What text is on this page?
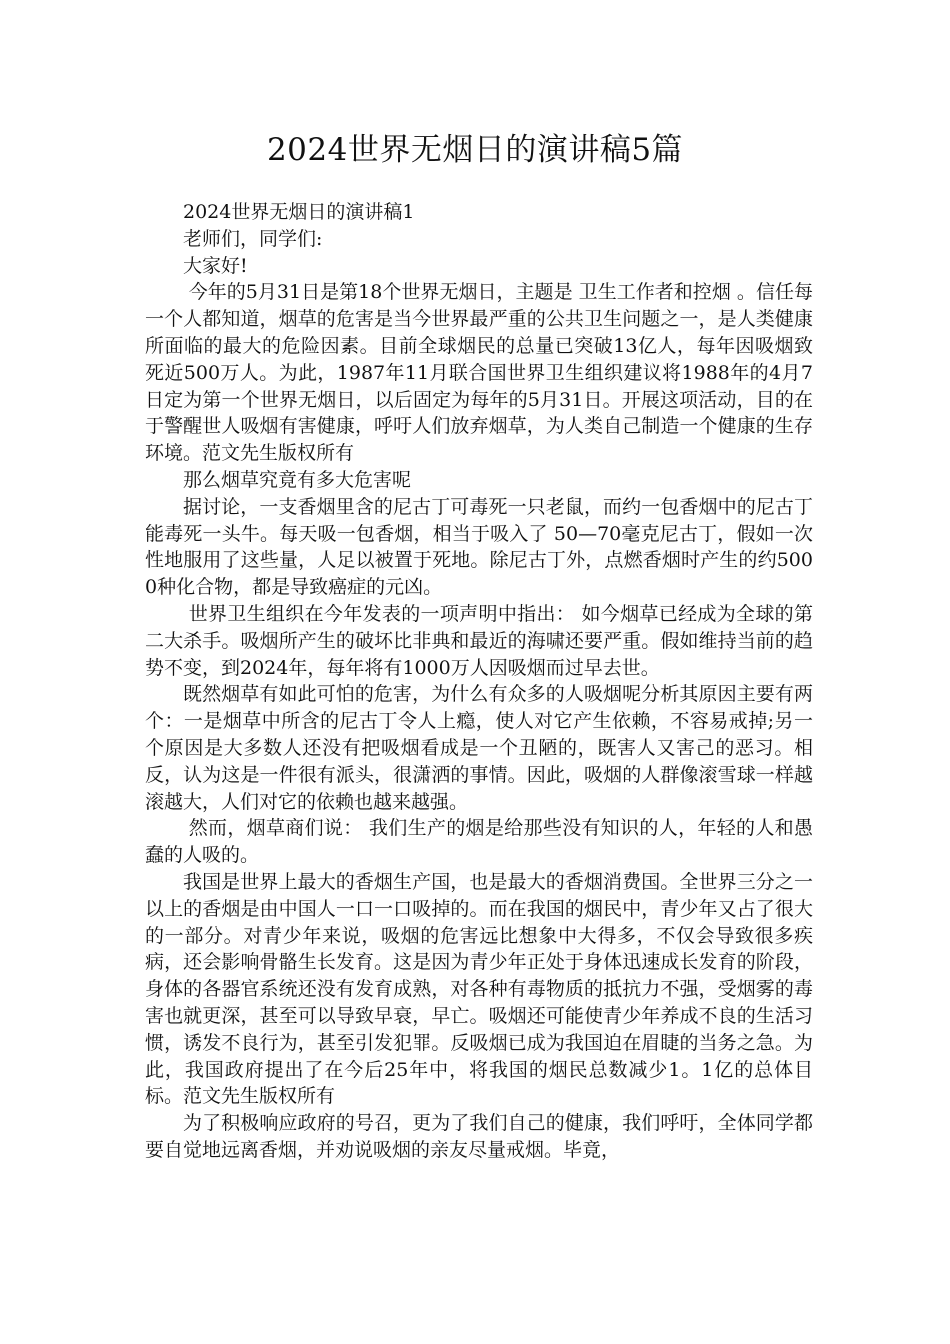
2024世界无烟日的演讲稿5篇

2024世界无烟日的演讲稿1

老师们，同学们:

大家好!

今年的5月31日是第18个世界无烟日，主题是 卫生工作者和控烟 。信任每一个人都知道，烟草的危害是当今世界最严重的公共卫生问题之一，是人类健康所面临的最大的危险因素。目前全球烟民的总量已突破13亿人，每年因吸烟致死近500万人。为此，1987年11月联合国世界卫生组织建议将1988年的4月7日定为第一个世界无烟日，以后固定为每年的5月31日。开展这项活动，目的在于警醒世人吸烟有害健康，呼吁人们放弃烟草，为人类自己制造一个健康的生存环境。范文先生版权所有

那么烟草究竟有多大危害呢

据讨论，一支香烟里含的尼古丁可毒死一只老鼠，而约一包香烟中的尼古丁能毒死一头牛。每天吸一包香烟，相当于吸入了 50—70毫克尼古丁，假如一次性地服用了这些量，人足以被置于死地。除尼古丁外，点燃香烟时产生的约5000种化合物，都是导致癌症的元凶。

世界卫生组织在今年发表的一项声明中指出： 如今烟草已经成为全球的第二大杀手。吸烟所产生的破坏比非典和最近的海啸还要严重。假如维持当前的趋势不变，到2024年，每年将有1000万人因吸烟而过早去世。

既然烟草有如此可怕的危害，为什么有众多的人吸烟呢分析其原因主要有两个：一是烟草中所含的尼古丁令人上瘾，使人对它产生依赖，不容易戒掉;另一个原因是大多数人还没有把吸烟看成是一个丑陋的，既害人又害己的恶习。相反，认为这是一件很有派头，很潇洒的事情。因此，吸烟的人群像滚雪球一样越滚越大，人们对它的依赖也越来越强。

然而，烟草商们说： 我们生产的烟是给那些没有知识的人，年轻的人和愚蠢的人吸的。

我国是世界上最大的香烟生产国，也是最大的香烟消费国。全世界三分之一以上的香烟是由中国人一口一口吸掉的。而在我国的烟民中，青少年又占了很大的一部分。对青少年来说，吸烟的危害远比想象中大得多，不仅会导致很多疾病，还会影响骨骼生长发育。这是因为青少年正处于身体迅速成长发育的阶段，身体的各器官系统还没有发育成熟，对各种有毒物质的抵抗力不强，受烟雾的毒害也就更深，甚至可以导致早衰，早亡。吸烟还可能使青少年养成不良的生活习惯，诱发不良行为，甚至引发犯罪。反吸烟已成为我国迫在眉睫的当务之急。为此，我国政府提出了在今后25年中，将我国的烟民总数减少1。1亿的总体目标。范文先生版权所有

为了积极响应政府的号召，更为了我们自己的健康，我们呼吁，全体同学都要自觉地远离香烟，并劝说吸烟的亲友尽量戒烟。毕竟，
